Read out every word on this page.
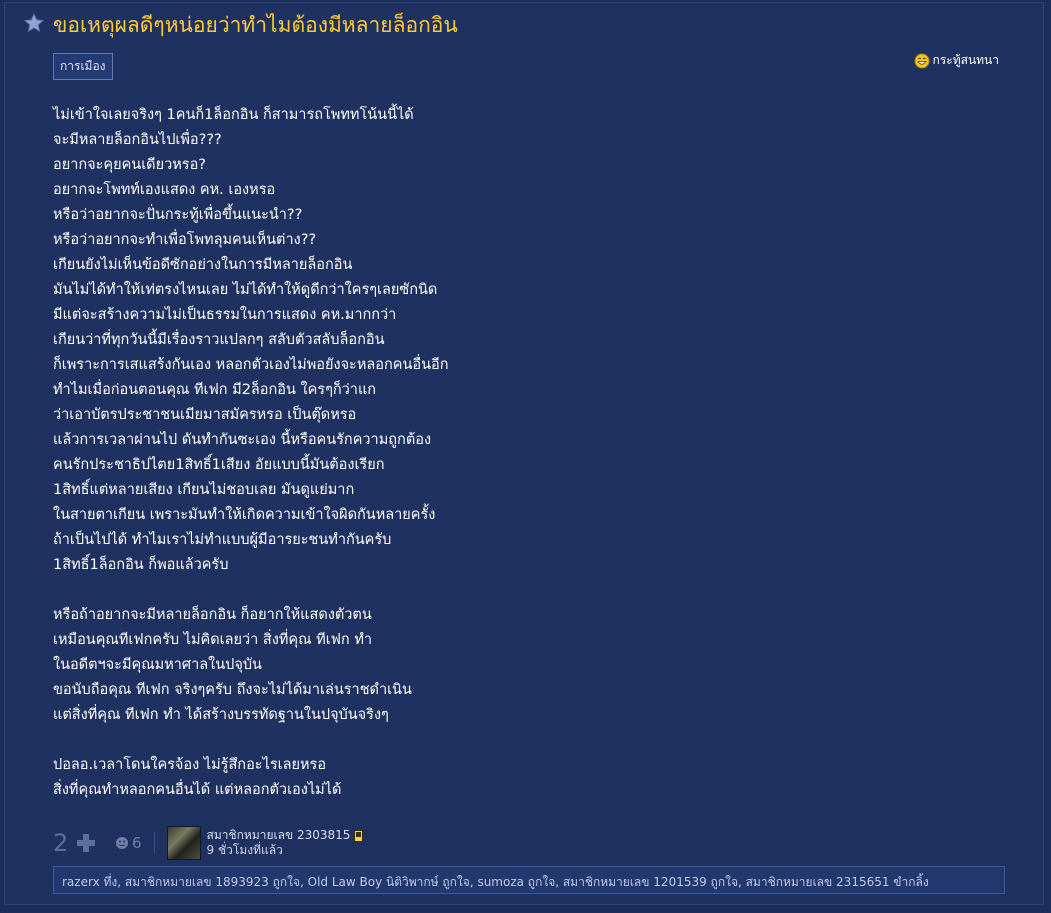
ขอเหตุผลดีๆหน่อยว่าทำไมต้องมีหลายล็อกอิน
การเมือง	กระทู้สนทนา
ไม่เข้าใจเลยจริงๆ 1คนก็1ล็อกอิน ก็สามารถโพททโน้นนี้ได้
จะมีหลายล็อกอินไปเพื่อ???
อยากจะคุยคนเดียวหรอ?
อยากจะโพทท์เองแสดง คห. เองหรอ
หรือว่าอยากจะปั่นกระทู้เพื่อขึ้นแนะนำ??
หรือว่าอยากจะทำเพื่อโพทลุมคนเห็นต่าง??
เกียนยังไม่เห็นข้อดีซักอย่างในการมีหลายล็อกอิน
มันไม่ได้ทำให้เท่ตรงไหนเลย ไม่ได้ทำให้ดูดีกว่าใครๆเลยซักนิด
มีแต่จะสร้างความไม่เป็นธรรมในการแสดง คห.มากกว่า
เกียนว่าที่ทุกวันนี้มีเรื่องราวแปลกๆ สลับตัวสลับล็อกอิน
ก็เพราะการเสแสร้งกันเอง หลอกตัวเองไม่พอยังจะหลอกคนอื่นอีก
ทำไมเมื่อก่อนตอนคุณ ทีเฟก มี2ล็อกอิน ใครๆก็ว่าแก
ว่าเอาบัตรประชาชนเมียมาสมัครหรอ เป็นตุ๊ดหรอ
แล้วการเวลาผ่านไป ดันทำกันซะเอง นี้หรือคนรักความถูกต้อง
คนรักประชาธิปไตย1สิทธิ์1เสียง อัยแบบนี้มันต้องเรียก
1สิทธิ์แต่หลายเสียง เกียนไม่ชอบเลย มันดูแย่มาก
ในสายตาเกียน เพราะมันทำให้เกิดความเข้าใจผิดกันหลายครั้ง
ถ้าเป็นไปได้ ทำไมเราไม่ทำแบบผู้มีอารยะชนทำกันครับ
1สิทธิ์1ล็อกอิน ก็พอแล้วครับ
หรือถ้าอยากจะมีหลายล็อกอิน ก็อยากให้แสดงตัวตน
เหมือนคุณทีเฟกครับ ไม่คิดเลยว่า สิ่งที่คุณ ทีเฟก ทำ
ในอดีตฯจะมีคุณมหาศาลในปจุบัน
ขอนับถือคุณ ทีเฟก จริงๆครับ ถึงจะไม่ได้มาเล่นราชดำเนิน
แต่สิ่งที่คุณ ทีเฟก ทำ ได้สร้างบรรทัดฐานในปจุบันจริงๆ
ปอลอ.เวลาโดนใครจ้อง ไม่รู้สึกอะไรเลยหรอ
สิ่งที่คุณทำหลอกคนอื่นได้ แต่หลอกตัวเองไม่ได้
2	6	สมาชิกหมายเลข 2303815
9 ชั่วโมงที่แล้ว
razerx ทึ่ง, สมาชิกหมายเลข 1893923 ถูกใจ, Old Law Boy นิติวิพากษ์ ถูกใจ, sumoza ถูกใจ, สมาชิกหมายเลข 1201539 ถูกใจ, สมาชิกหมายเลข 2315651 ขำกลิ้ง
